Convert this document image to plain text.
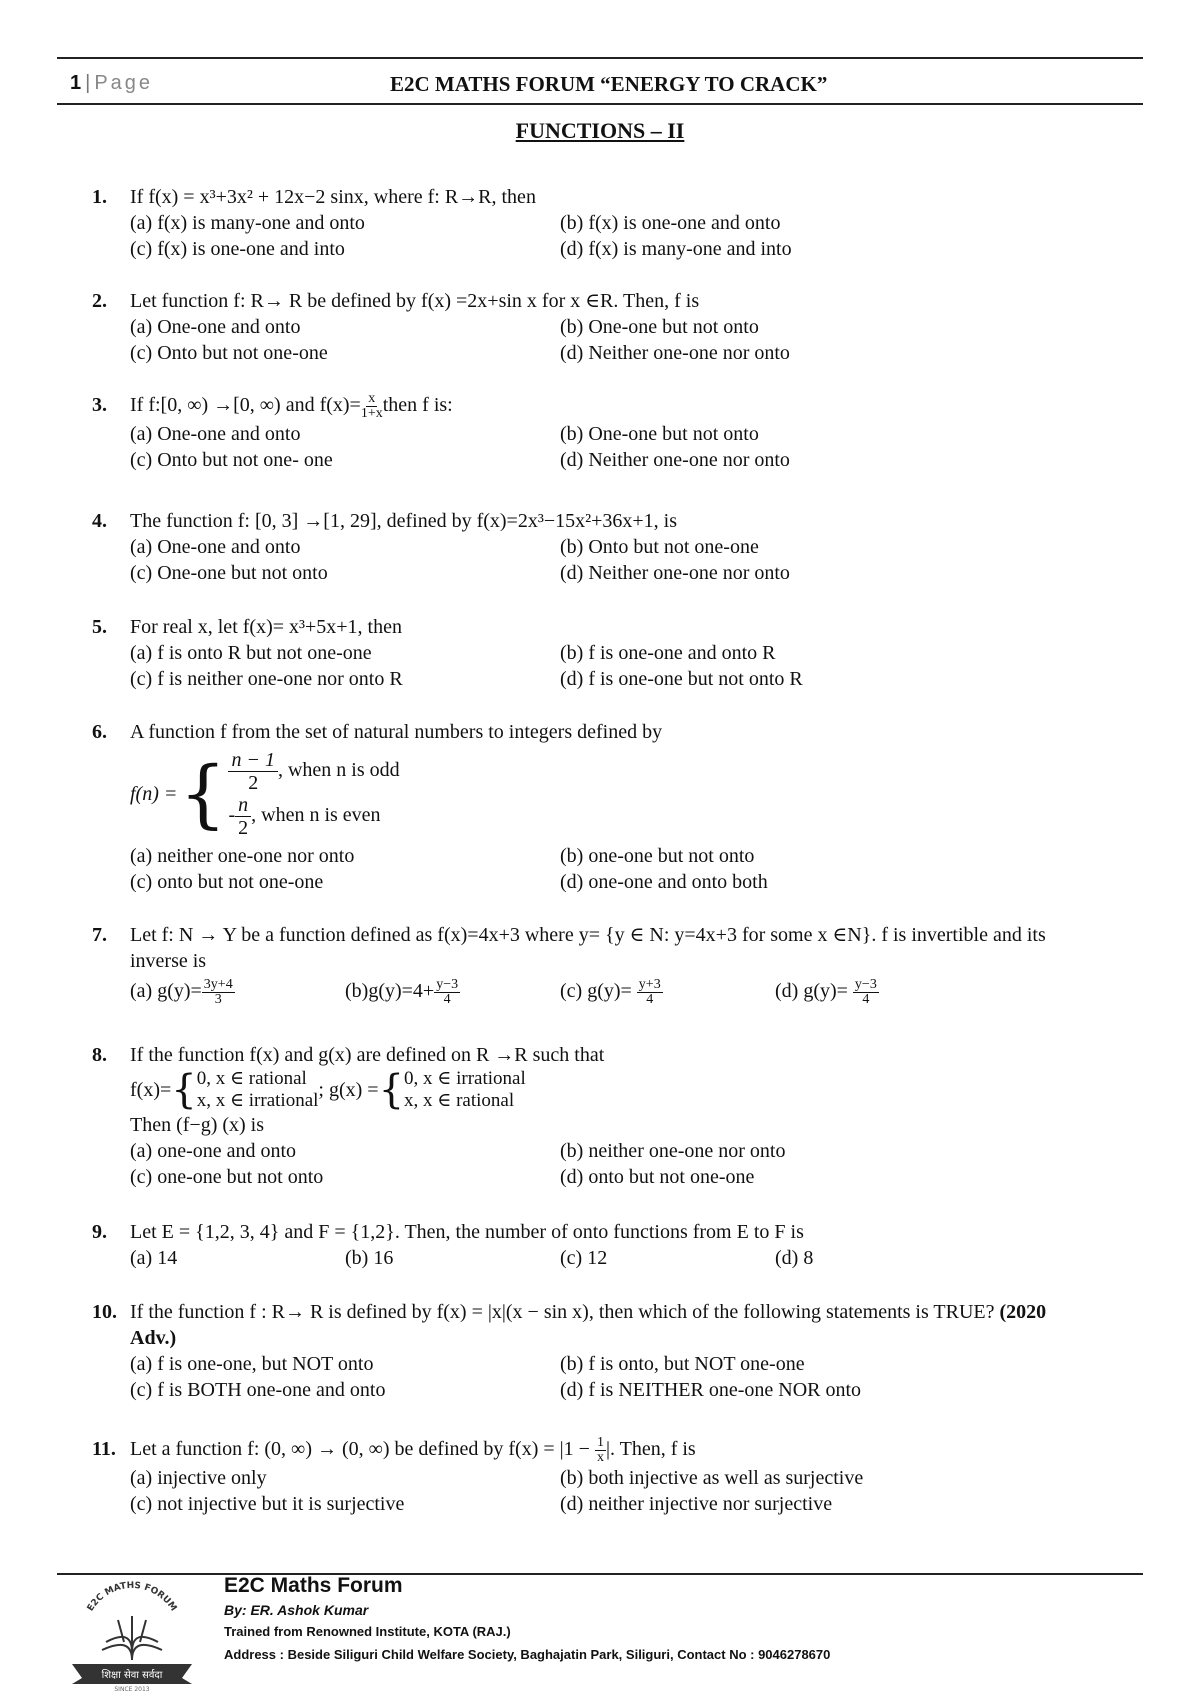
1 | Page	E2C MATHS FORUM “ENERGY TO CRACK”
FUNCTIONS – II
1. If f(x) = x³+3x² + 12x−2 sinx, where f: R→R, then
(a) f(x) is many-one and onto	(b) f(x) is one-one and onto
(c) f(x) is one-one and into	(d) f(x) is many-one and into
2. Let function f: R→ R be defined by f(x) =2x+sin x for x ∈R. Then, f is
(a) One-one and onto	(b) One-one but not onto
(c) Onto but not one-one	(d) Neither one-one nor onto
3. If f:[0, ∞) →[0, ∞) and $f(x)= \frac{x}{1+x}$ then f is:
(a) One-one and onto	(b) One-one but not onto
(c) Onto but not one- one	(d) Neither one-one nor onto
4. The function f: [0, 3] →[1, 29], defined by f(x)=2x³−15x²+36x+1, is
(a) One-one and onto	(b) Onto but not one-one
(c) One-one but not onto	(d) Neither one-one nor onto
5. For real x, let f(x)= x³+5x+1, then
(a) f is onto R but not one-one	(b) f is one-one and onto R
(c) f is neither one-one nor onto R	(d) f is one-one but not onto R
6. A function f from the set of natural numbers to integers defined by
f(n) = { $\frac{n - 1}{2}$ , when n is odd
- $\frac{n}{2}$ , when n is even
(a) neither one-one nor onto	(b) one-one but not onto
(c) onto but not one-one	(d) one-one and onto both
7. Let f: N → Y be a function defined as f(x)=4x+3 where y= {y ∈ N: y=4x+3 for some x ∈N}. f is invertible and its inverse is
(a) $g(y)= \frac{3y+4}{3}$	$(b)g(y)=4+ \frac{y-3}{4}$	(c) $g(y)= \frac{y+3}{4}$	(d) $g(y)= \frac{y-3}{4}$
8. If the function f(x) and g(x) are defined on R →R such that
f(x)= { 0, x ∈ rational
x, x ∈ irrational ; g(x) = { 0, x ∈ irrational
x, x ∈ rational
Then (f−g) (x) is
(a) one-one and onto	(b) neither one-one nor onto
(c) one-one but not onto	(d) onto but not one-one
9. Let E = {1,2, 3, 4} and F = {1,2}. Then, the number of onto functions from E to F is
(a) 14	(b) 16	(c) 12	(d) 8
10. If the function f : R→ R is defined by f(x) = |x|(x − sin x), then which of the following statements is TRUE? (2020 Adv.)
(a) f is one-one, but NOT onto	(b) f is onto, but NOT one-one
(c) f is BOTH one-one and onto	(d) f is NEITHER one-one NOR onto
11. Let a function f: (0, ∞) → (0, ∞) be defined by $f(x) = |1 - \frac{1}{x}$ |. Then, f is
(a) injective only	(b) both injective as well as surjective
(c) not injective but it is surjective	(d) neither injective nor surjective
E2C MATHS FORUM
शिक्षा सेवा सर्वदा
SINCE 2013
E2C Maths Forum
By: ER. Ashok Kumar
Trained from Renowned Institute, KOTA (RAJ.)
Address : Beside Siliguri Child Welfare Society, Baghajatin Park, Siliguri, Contact No : 9046278670
